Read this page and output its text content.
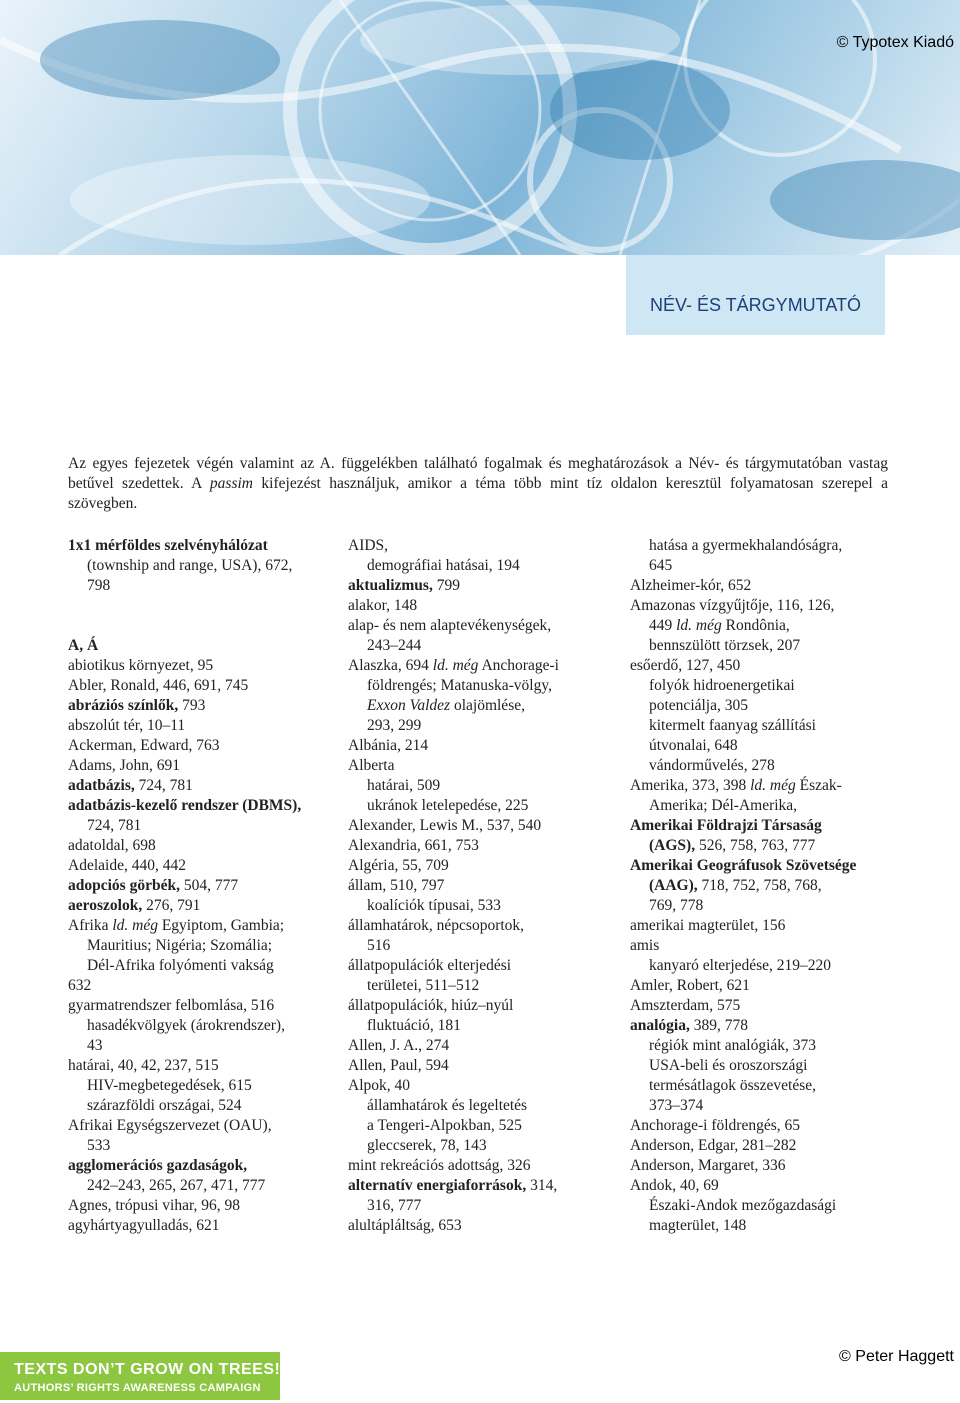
© Typotex Kiadó
NÉV- ÉS TÁRGYMUTATÓ
Az egyes fejezetek végén valamint az A. függelékben található fogalmak és meghatározások a Név- és tárgymutatóban vastag betűvel szedettek. A passim kifejezést használjuk, amikor a téma több mint tíz oldalon keresztül folyamatosan szerepel a szövegben.
1x1 mérföldes szelvényhálózat
(township and range, USA), 672,
798
A, Á
abiotikus környezet, 95
Abler, Ronald, 446, 691, 745
abráziós színlők, 793
abszolút tér, 10–11
Ackerman, Edward, 763
Adams, John, 691
adatbázis, 724, 781
adatbázis-kezelő rendszer (DBMS),
724, 781
adatoldal, 698
Adelaide, 440, 442
adopciós görbék, 504, 777
aeroszolok, 276, 791
Afrika ld. még Egyiptom, Gambia;
Mauritius; Nigéria; Szomália;
Dél-Afrika folyómenti vakság
632
gyarmatrendszer felbomlása, 516
hasadékvölgyek (árokrendszer),
43
határai, 40, 42, 237, 515
HIV-megbetegedések, 615
szárazföldi országai, 524
Afrikai Egységszervezet (OAU),
533
agglomerációs gazdaságok,
242–243, 265, 267, 471, 777
Agnes, trópusi vihar, 96, 98
agyhártyagyulladás, 621
AIDS,
demográfiai hatásai, 194
aktualizmus, 799
alakor, 148
alap- és nem alaptevékenységek,
243–244
Alaszka, 694 ld. még Anchorage-i
földrengés; Matanuska-völgy,
Exxon Valdez olajömlése,
293, 299
Albánia, 214
Alberta
határai, 509
ukránok letelepedése, 225
Alexander, Lewis M., 537, 540
Alexandria, 661, 753
Algéria, 55, 709
állam, 510, 797
koalíciók típusai, 533
államhatárok, népcsoportok,
516
állatpopulációk elterjedési
területei, 511–512
állatpopulációk, hiúz–nyúl
fluktuáció, 181
Allen, J. A., 274
Allen, Paul, 594
Alpok, 40
államhatárok és legeltetés
a Tengeri-Alpokban, 525
gleccserek, 78, 143
mint rekreációs adottság, 326
alternatív energiaforrások, 314,
316, 777
alultápláltság, 653
hatása a gyermekhalandóságra,
645
Alzheimer-kór, 652
Amazonas vízgyűjtője, 116, 126,
449 ld. még Rondônia,
bennszülött törzsek, 207
esőerdő, 127, 450
folyók hidroenergetikai
potenciálja, 305
kitermelt faanyag szállítási
útvonalai, 648
vándorművelés, 278
Amerika, 373, 398 ld. még Észak-
Amerika; Dél-Amerika,
Amerikai Földrajzi Társaság
(AGS), 526, 758, 763, 777
Amerikai Geográfusok Szövetsége
(AAG), 718, 752, 758, 768,
769, 778
amerikai magterület, 156
amis
kanyaró elterjedése, 219–220
Amler, Robert, 621
Amszterdam, 575
analógia, 389, 778
régiók mint analógiák, 373
USA-beli és oroszországi
termésátlagok összevetése,
373–374
Anchorage-i földrengés, 65
Anderson, Edgar, 281–282
Anderson, Margaret, 336
Andok, 40, 69
Északi-Andok mezőgazdasági
magterület, 148
TEXTS DON’T GROW ON TREES!
AUTHORS’ RIGHTS AWARENESS CAMPAIGN
© Peter Haggett
